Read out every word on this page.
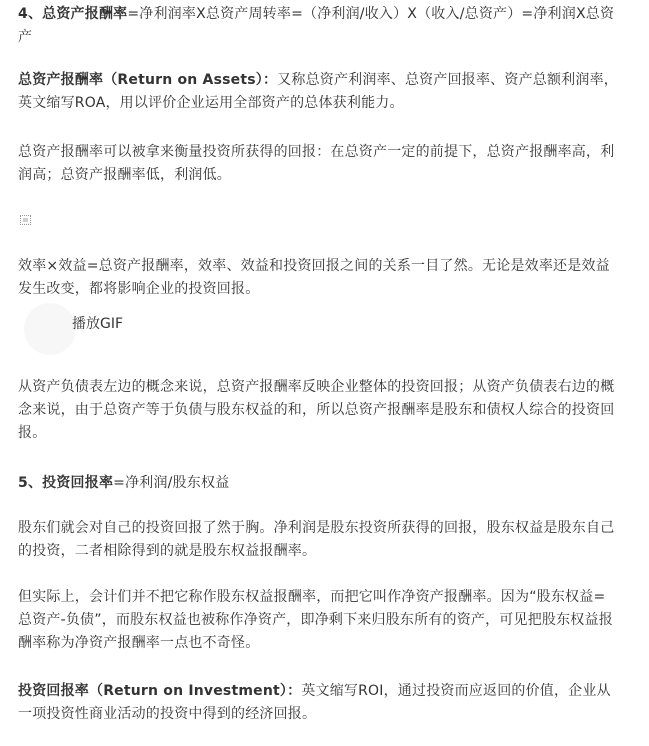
4、总资产报酬率=净利润率X总资产周转率=（净利润/收入）X（收入/总资产）=净利润X总资产

总资产报酬率（Return on Assets）：又称总资产利润率、总资产回报率、资产总额利润率，英文缩写ROA，用以评价企业运用全部资产的总体获利能力。

总资产报酬率可以被拿来衡量投资所获得的回报：在总资产一定的前提下，总资产报酬率高，利润高；总资产报酬率低，利润低。

效率×效益=总资产报酬率，效率、效益和投资回报之间的关系一目了然。无论是效率还是效益发生改变，都将影响企业的投资回报。

播放GIF

从资产负债表左边的概念来说，总资产报酬率反映企业整体的投资回报；从资产负债表右边的概念来说，由于总资产等于负债与股东权益的和，所以总资产报酬率是股东和债权人综合的投资回报。

5、投资回报率=净利润/股东权益

股东们就会对自己的投资回报了然于胸。净利润是股东投资所获得的回报，股东权益是股东自己的投资，二者相除得到的就是股东权益报酬率。

但实际上，会计们并不把它称作股东权益报酬率，而把它叫作净资产报酬率。因为“股东权益=总资产-负债”，而股东权益也被称作净资产，即净剩下来归股东所有的资产，可见把股东权益报酬率称为净资产报酬率一点也不奇怪。

投资回报率（Return on Investment）：英文缩写ROI，通过投资而应返回的价值，企业从一项投资性商业活动的投资中得到的经济回报。
